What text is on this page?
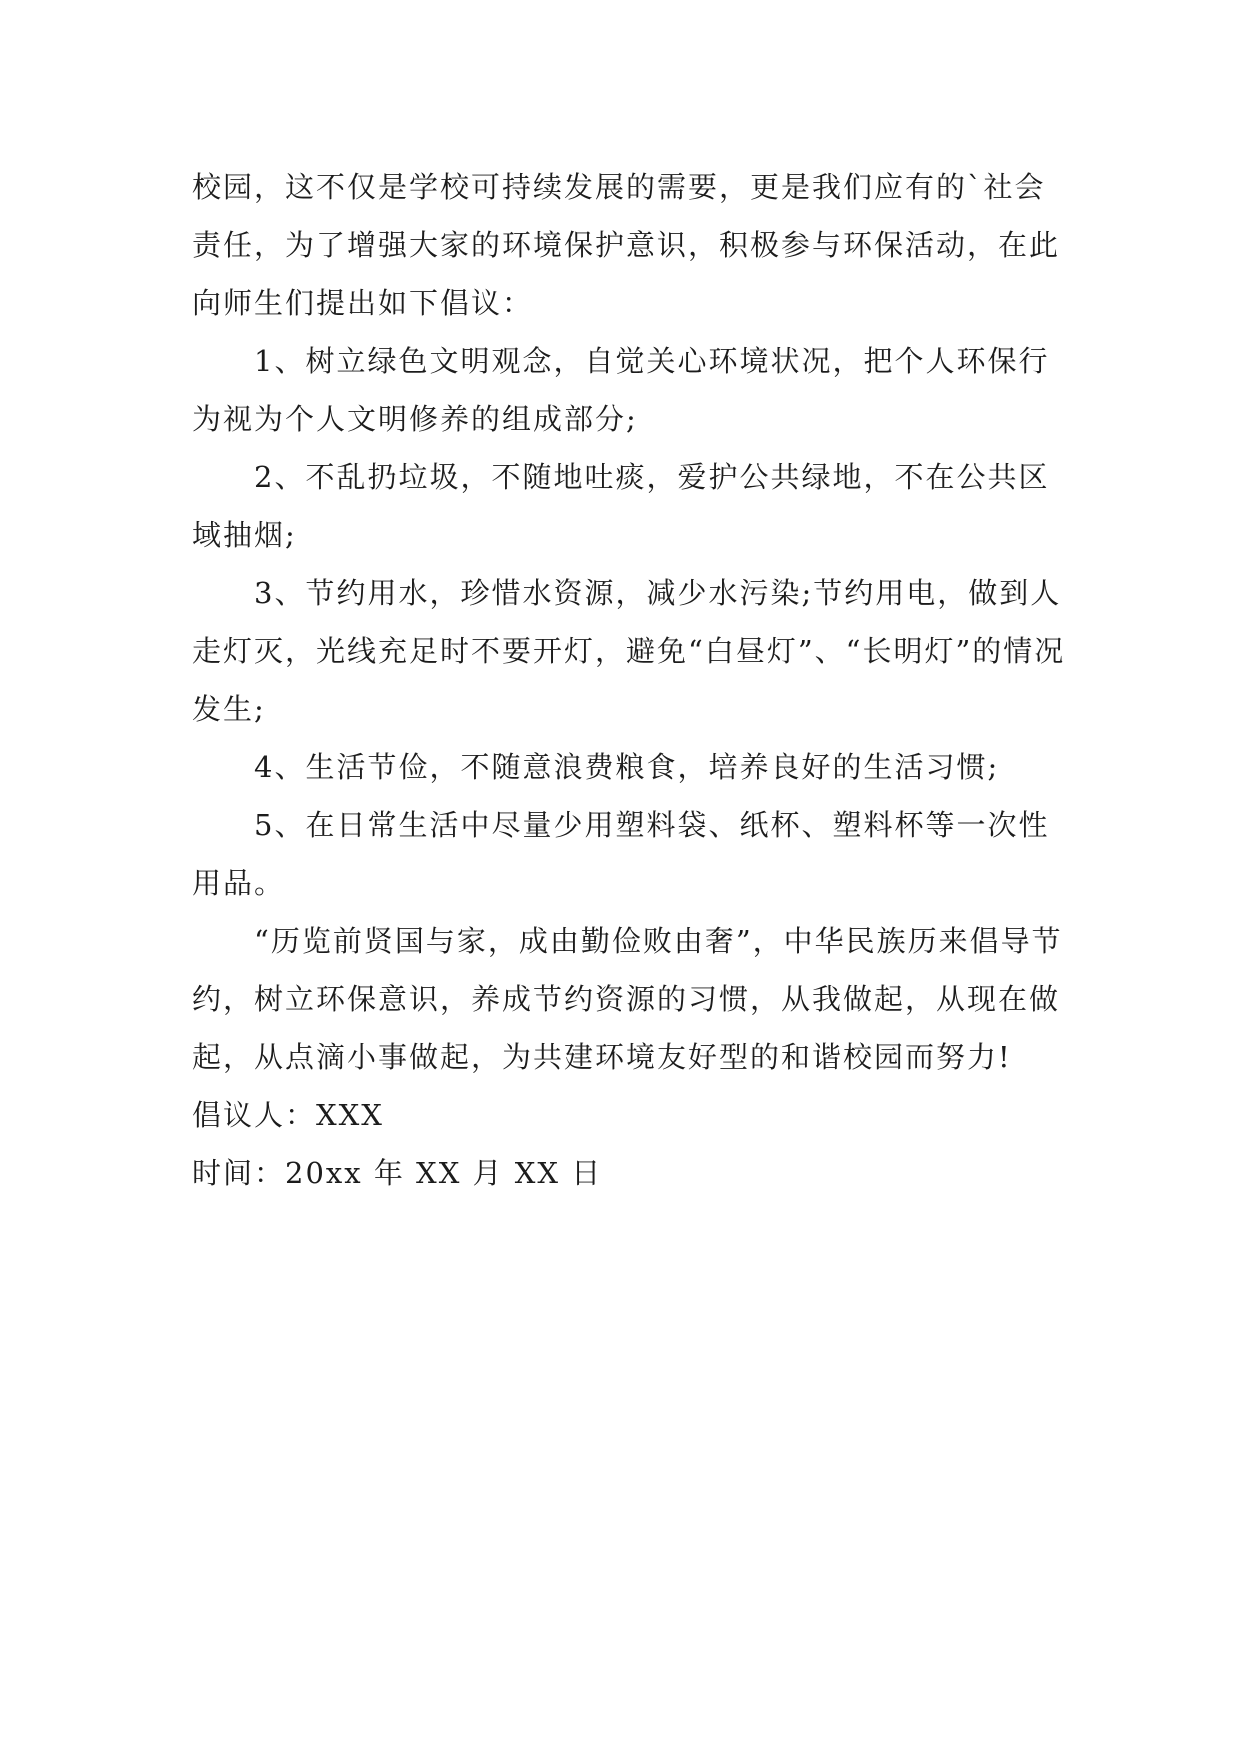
校园，这不仅是学校可持续发展的需要，更是我们应有的`社会责任，为了增强大家的环境保护意识，积极参与环保活动，在此向师生们提出如下倡议：

1、树立绿色文明观念，自觉关心环境状况，把个人环保行为视为个人文明修养的组成部分;

2、不乱扔垃圾，不随地吐痰，爱护公共绿地，不在公共区域抽烟;

3、节约用水，珍惜水资源，减少水污染;节约用电，做到人走灯灭，光线充足时不要开灯，避免“白昼灯”、“长明灯”的情况发生;

4、生活节俭，不随意浪费粮食，培养良好的生活习惯;

5、在日常生活中尽量少用塑料袋、纸杯、塑料杯等一次性用品。

“历览前贤国与家，成由勤俭败由奢”，中华民族历来倡导节约，树立环保意识，养成节约资源的习惯，从我做起，从现在做起，从点滴小事做起，为共建环境友好型的和谐校园而努力!

倡议人：XXX

时间：20xx 年 XX 月 XX 日
